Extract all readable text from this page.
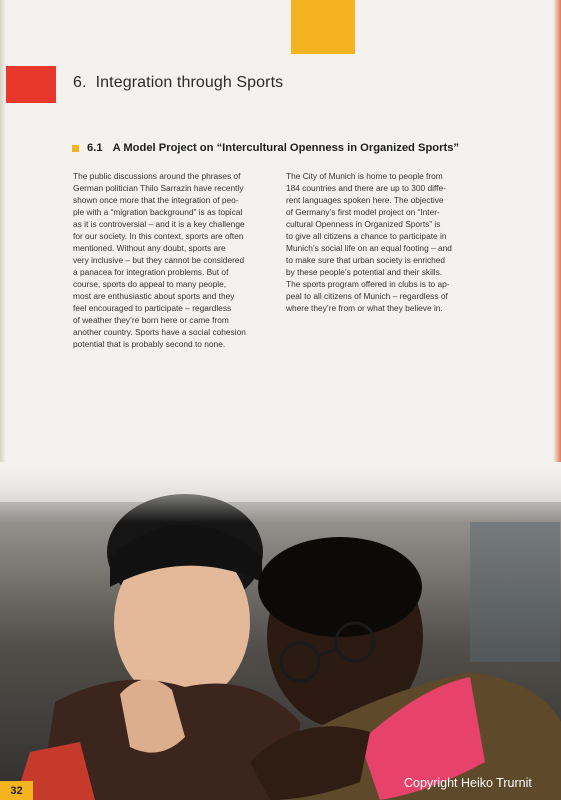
6. Integration through Sports
6.1 A Model Project on “Intercultural Openness in Organized Sports”

The public discussions around the phrases of
German politician Thilo Sarrazin have recently
shown once more that the integration of peo-
ple with a “migration background” is as topical
as it is controversial – and it is a key challenge
for our society. In this context, sports are often
mentioned. Without any doubt, sports are
very inclusive – but they cannot be considered
a panacea for integration problems. But of
course, sports do appeal to many people,
most are enthusiastic about sports and they
feel encouraged to participate – regardless
of weather they’re born here or came from
another country. Sports have a social cohesion
potential that is probably second to none.

The City of Munich is home to people from
184 countries and there are up to 300 diffe-
rent languages spoken here. The objective
of Germany’s first model project on “Inter-
cultural Openness in Organized Sports” is
to give all citizens a chance to participate in
Munich’s social life on an equal footing – and
to make sure that urban society is enriched
by these people’s potential and their skills.
The sports program offered in clubs is to ap-
peal to all citizens of Munich – regardless of
where they’re from or what they believe in.

32

Copyright Heiko Trurnit
